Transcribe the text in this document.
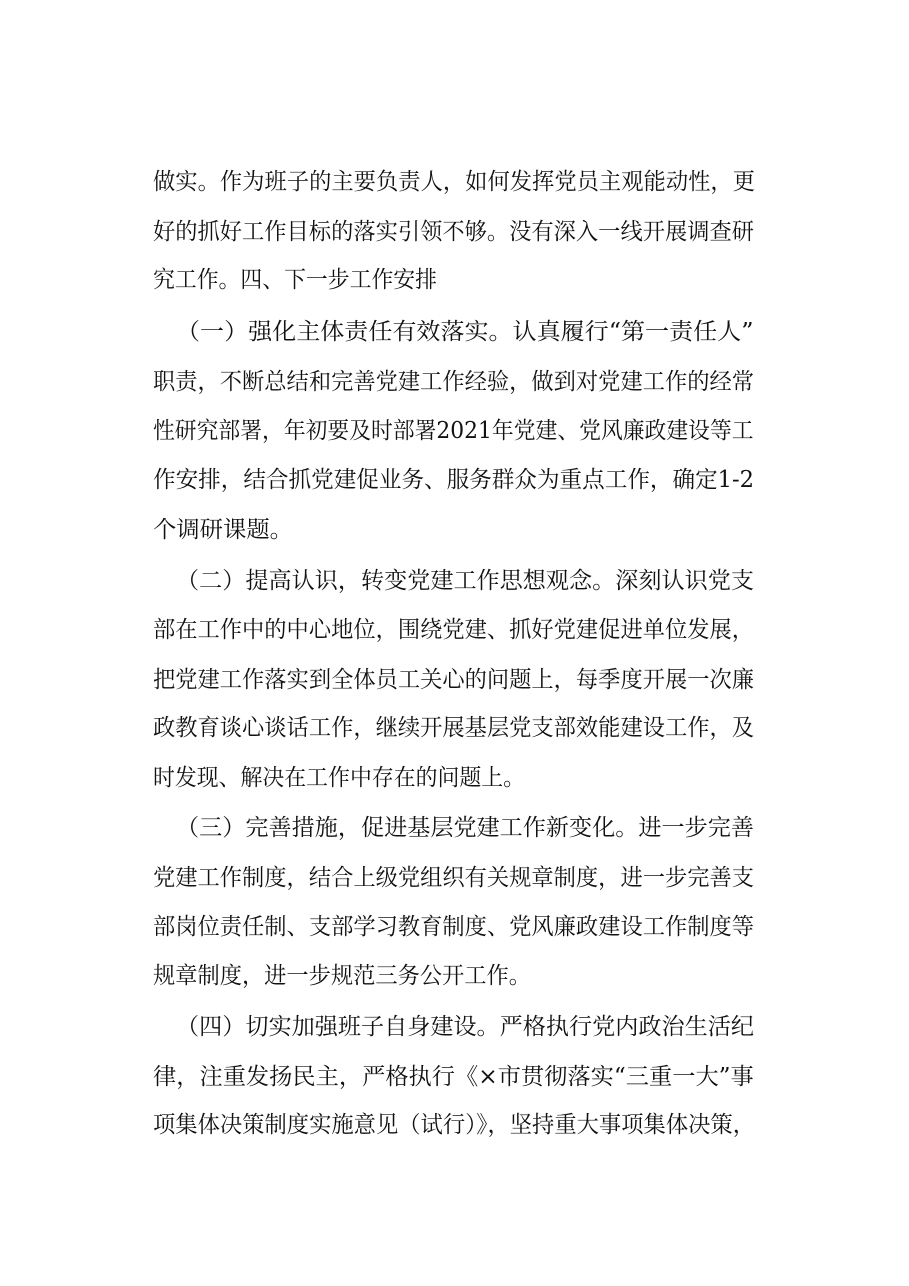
做实。作为班子的主要负责人，如何发挥党员主观能动性，更
好的抓好工作目标的落实引领不够。没有深入一线开展调查研
究工作。四、下一步工作安排
（一）强化主体责任有效落实。认真履行“第一责任人”
职责，不断总结和完善党建工作经验，做到对党建工作的经常
性研究部署，年初要及时部署2021年党建、党风廉政建设等工
作安排，结合抓党建促业务、服务群众为重点工作，确定1-2
个调研课题。
（二）提高认识，转变党建工作思想观念。深刻认识党支
部在工作中的中心地位，围绕党建、抓好党建促进单位发展，
把党建工作落实到全体员工关心的问题上，每季度开展一次廉
政教育谈心谈话工作，继续开展基层党支部效能建设工作，及
时发现、解决在工作中存在的问题上。
（三）完善措施，促进基层党建工作新变化。进一步完善
党建工作制度，结合上级党组织有关规章制度，进一步完善支
部岗位责任制、支部学习教育制度、党风廉政建设工作制度等
规章制度，进一步规范三务公开工作。
（四）切实加强班子自身建设。严格执行党内政治生活纪
律，注重发扬民主，严格执行《×市贯彻落实“三重一大”事
项集体决策制度实施意见（试行）》，坚持重大事项集体决策，
